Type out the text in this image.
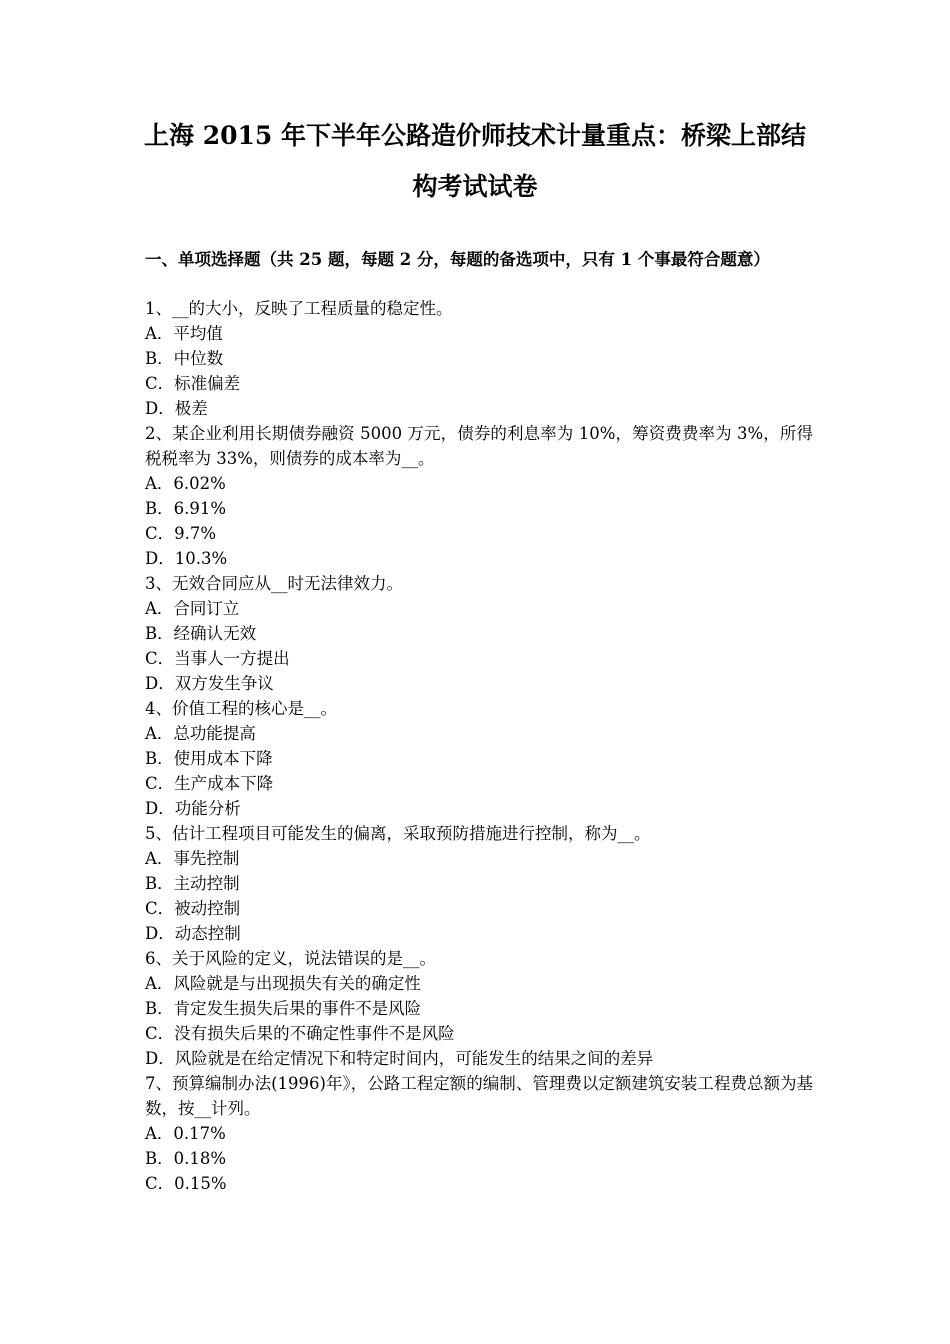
上海 2015 年下半年公路造价师技术计量重点：桥梁上部结
构考试试卷
一、单项选择题（共 25 题，每题 2 分，每题的备选项中，只有 1 个事最符合题意）
1、__的大小，反映了工程质量的稳定性。
A．平均值
B．中位数
C．标准偏差
D．极差
2、某企业利用长期债券融资 5000 万元，债券的利息率为 10%，筹资费费率为 3%，所得税税率为 33%，则债券的成本率为__。
A．6.02%
B．6.91%
C．9.7%
D．10.3%
3、无效合同应从__时无法律效力。
A．合同订立
B．经确认无效
C．当事人一方提出
D．双方发生争议
4、价值工程的核心是__。
A．总功能提高
B．使用成本下降
C．生产成本下降
D．功能分析
5、估计工程项目可能发生的偏离，采取预防措施进行控制，称为__。
A．事先控制
B．主动控制
C．被动控制
D．动态控制
6、关于风险的定义，说法错误的是__。
A．风险就是与出现损失有关的确定性
B．肯定发生损失后果的事件不是风险
C．没有损失后果的不确定性事件不是风险
D．风险就是在给定情况下和特定时间内，可能发生的结果之间的差异
7、预算编制办法(1996)年》，公路工程定额的编制、管理费以定额建筑安装工程费总额为基数，按__计列。
A．0.17%
B．0.18%
C．0.15%
